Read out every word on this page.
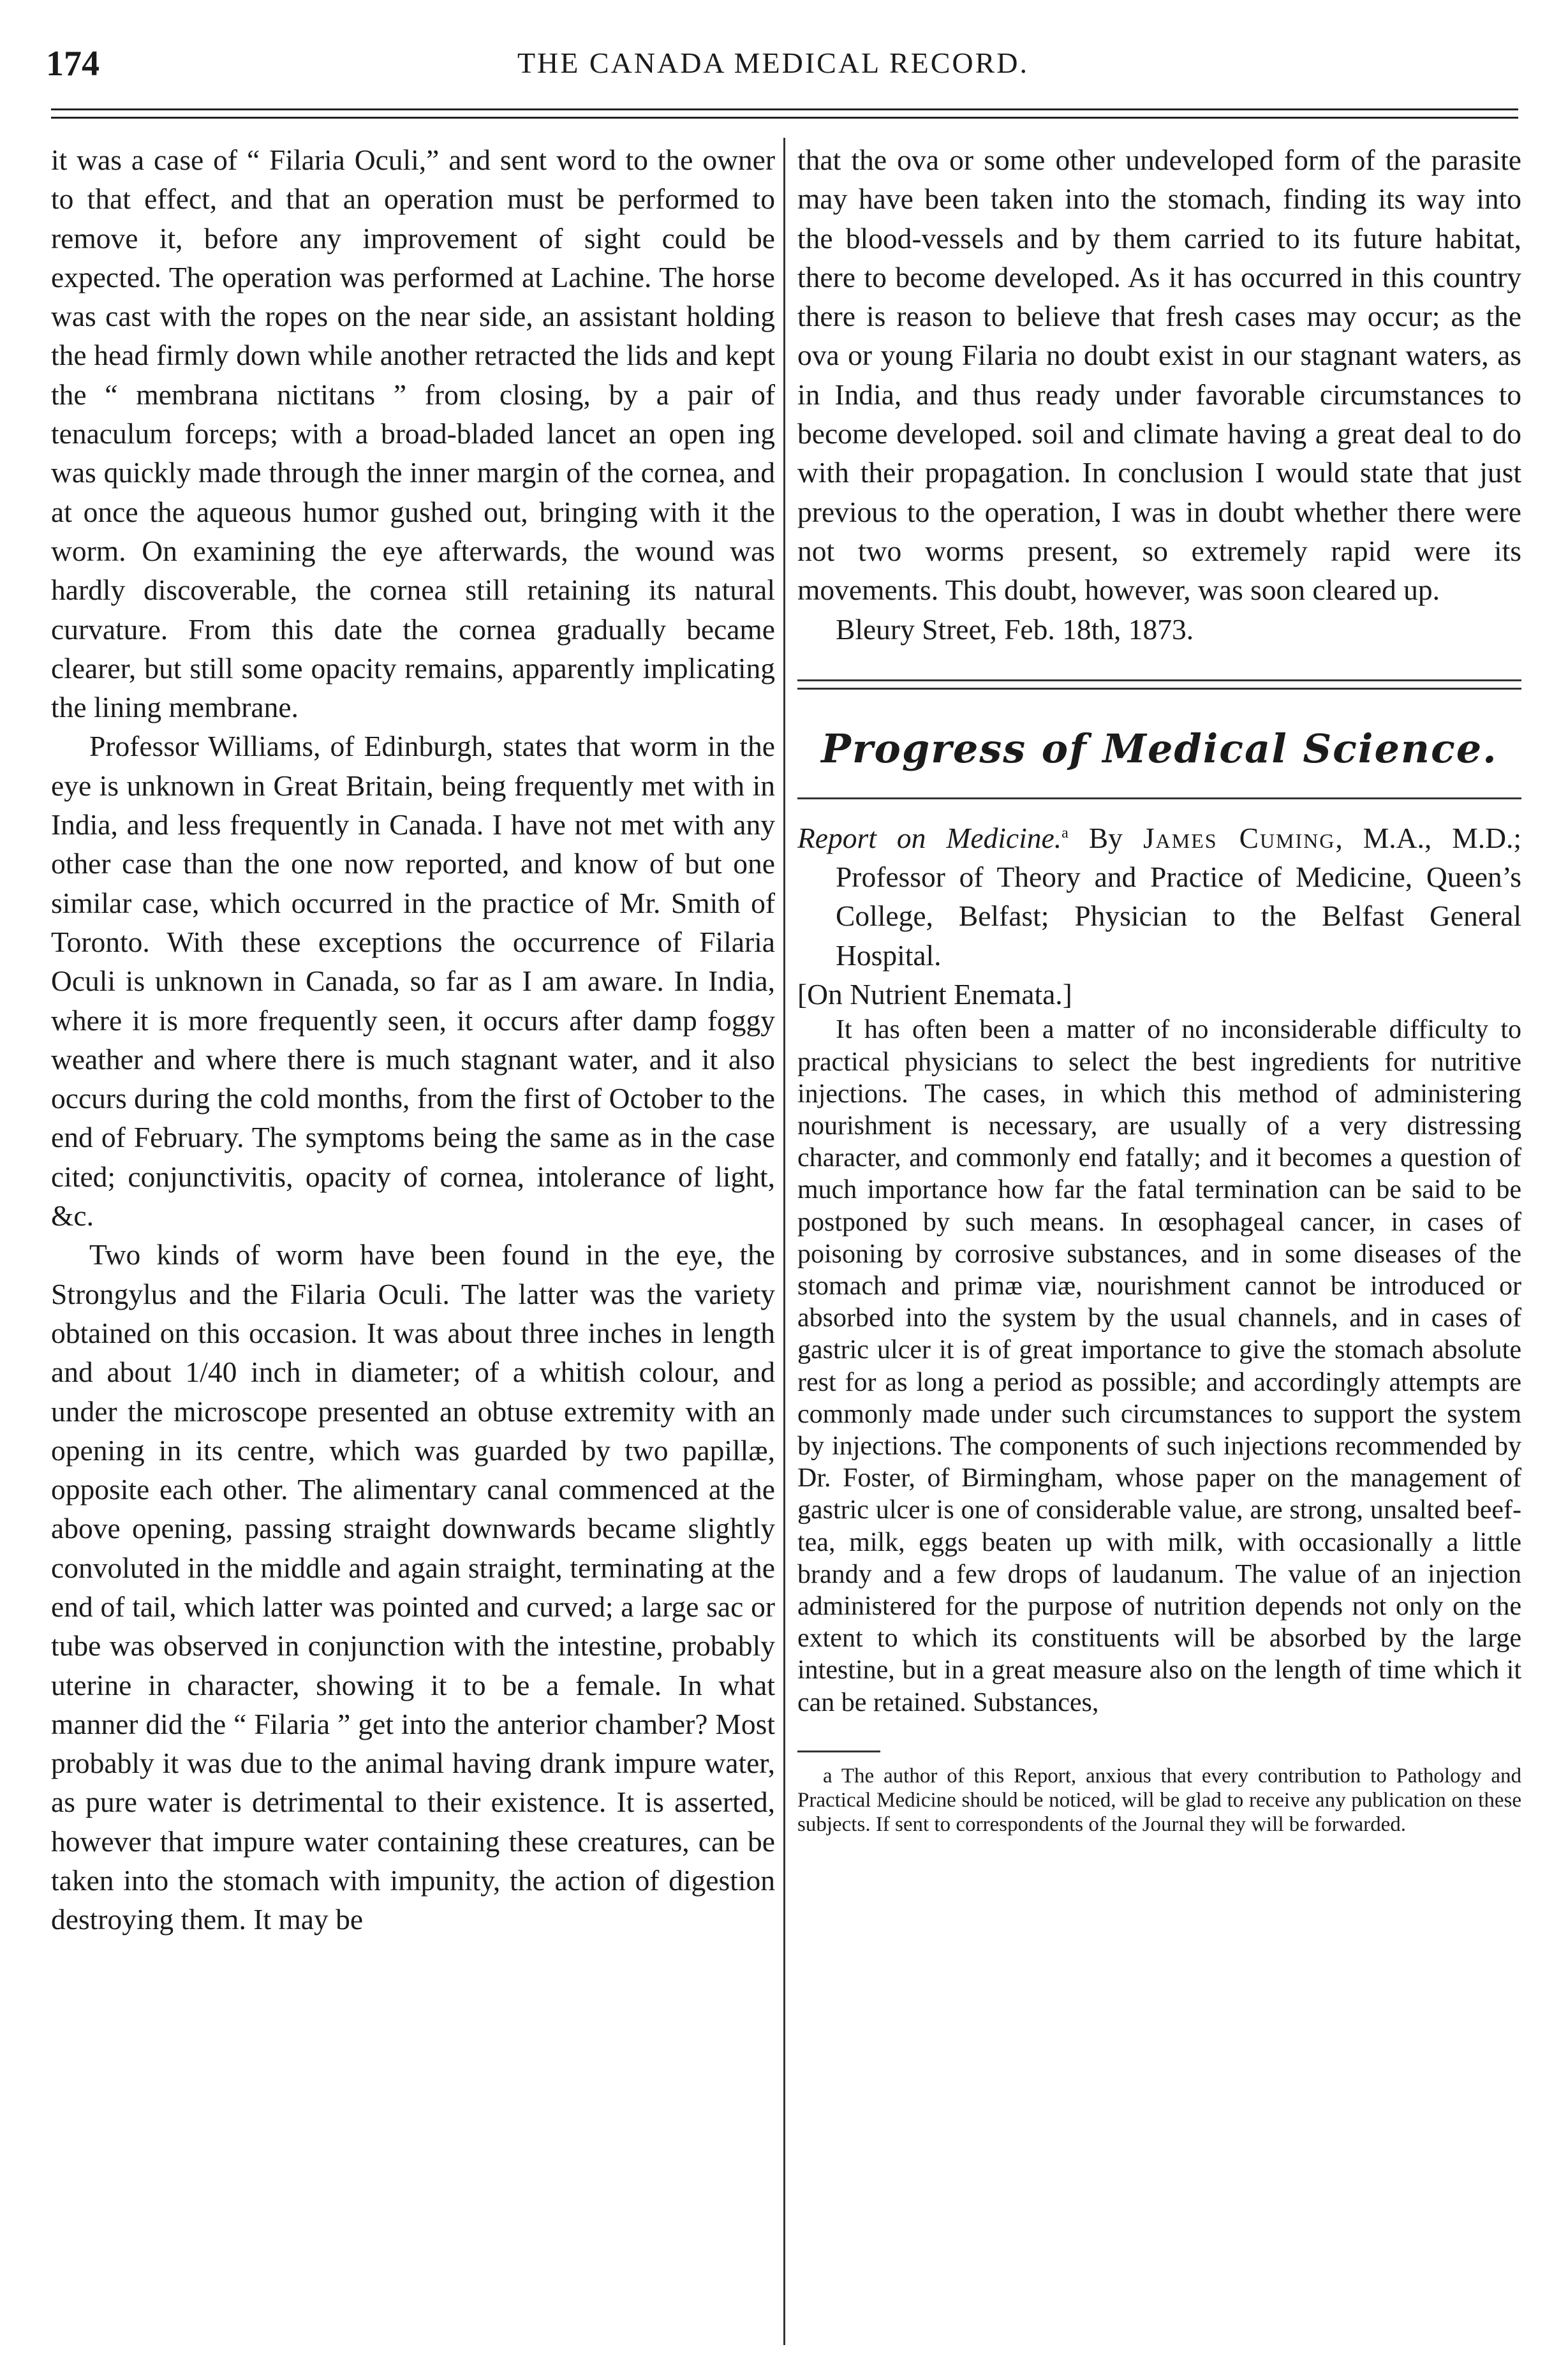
174	THE CANADA MEDICAL RECORD.

it was a case of “ Filaria Oculi,” and sent word to the owner to that effect, and that an operation must be performed to remove it, before any improvement of sight could be expected. The operation was performed at Lachine. The horse was cast with the ropes on the near side, an assistant holding the head firmly down while another retracted the lids and kept the “ membrana nictitans ” from closing, by a pair of tenaculum forceps; with a broad-bladed lancet an open ing was quickly made through the inner margin of the cornea, and at once the aqueous humor gushed out, bringing with it the worm. On examining the eye afterwards, the wound was hardly discoverable, the cornea still retaining its natural curvature. From this date the cornea gradually became clearer, but still some opacity remains, apparently implicating the lining membrane.

Professor Williams, of Edinburgh, states that worm in the eye is unknown in Great Britain, being frequently met with in India, and less frequently in Canada. I have not met with any other case than the one now reported, and know of but one similar case, which occurred in the practice of Mr. Smith of Toronto. With these exceptions the occurrence of Filaria Oculi is unknown in Canada, so far as I am aware. In India, where it is more frequently seen, it occurs after damp foggy weather and where there is much stagnant water, and it also occurs during the cold months, from the first of October to the end of February. The symptoms being the same as in the case cited; conjunctivitis, opacity of cornea, intolerance of light, &c.

Two kinds of worm have been found in the eye, the Strongylus and the Filaria Oculi. The latter was the variety obtained on this occasion. It was about three inches in length and about 1/40 inch in diameter; of a whitish colour, and under the microscope presented an obtuse extremity with an opening in its centre, which was guarded by two papillæ, opposite each other. The alimentary canal commenced at the above opening, passing straight downwards became slightly convoluted in the middle and again straight, terminating at the end of tail, which latter was pointed and curved; a large sac or tube was observed in conjunction with the intestine, probably uterine in character, showing it to be a female. In what manner did the “ Filaria ” get into the anterior chamber? Most probably it was due to the animal having drank impure water, as pure water is detrimental to their existence. It is asserted, however that impure water containing these creatures, can be taken into the stomach with impunity, the action of digestion destroying them. It may be

that the ova or some other undeveloped form of the parasite may have been taken into the stomach, finding its way into the blood-vessels and by them carried to its future habitat, there to become developed. As it has occurred in this country there is reason to believe that fresh cases may occur; as the ova or young Filaria no doubt exist in our stagnant waters, as in India, and thus ready under favorable circumstances to become developed. soil and climate having a great deal to do with their propagation. In conclusion I would state that just previous to the operation, I was in doubt whether there were not two worms present, so extremely rapid were its movements. This doubt, however, was soon cleared up.

Bleury Street, Feb. 18th, 1873.

Progress of Medical Science.

Report on Medicine.$^a$ By James Cuming, M.A., M.D.; Professor of Theory and Practice of Medicine, Queen’s College, Belfast; Physician to the Belfast General Hospital.

[On Nutrient Enemata.]

It has often been a matter of no inconsiderable difficulty to practical physicians to select the best ingredients for nutritive injections. The cases, in which this method of administering nourishment is necessary, are usually of a very distressing character, and commonly end fatally; and it becomes a question of much importance how far the fatal termination can be said to be postponed by such means. In œsophageal cancer, in cases of poisoning by corrosive substances, and in some diseases of the stomach and primæ viæ, nourishment cannot be introduced or absorbed into the system by the usual channels, and in cases of gastric ulcer it is of great importance to give the stomach absolute rest for as long a period as possible; and accordingly attempts are commonly made under such circumstances to support the system by injections. The components of such injections recommended by Dr. Foster, of Birmingham, whose paper on the management of gastric ulcer is one of considerable value, are strong, unsalted beef-tea, milk, eggs beaten up with milk, with occasionally a little brandy and a few drops of laudanum. The value of an injection administered for the purpose of nutrition depends not only on the extent to which its constituents will be absorbed by the large intestine, but in a great measure also on the length of time which it can be retained. Substances,

a The author of this Report, anxious that every contribution to Pathology and Practical Medicine should be noticed, will be glad to receive any publication on these subjects. If sent to correspondents of the Journal they will be forwarded.
